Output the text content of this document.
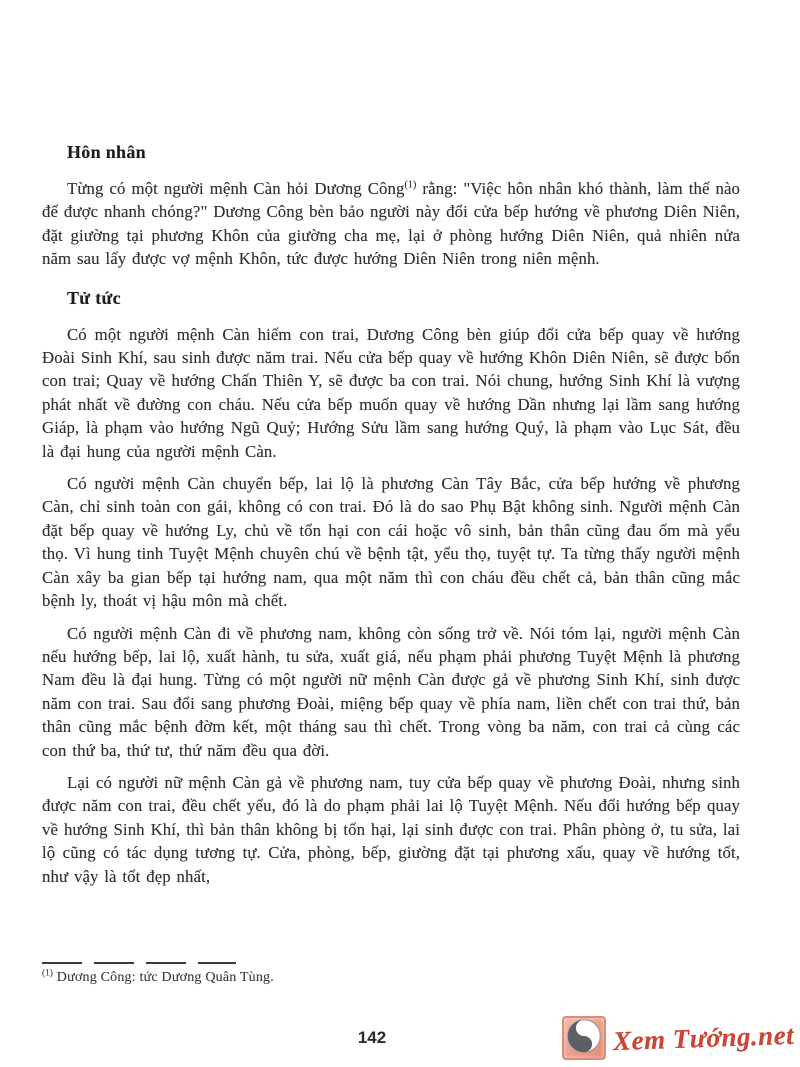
Hôn nhân

Từng có một người mệnh Càn hỏi Dương Công$^{(1)}$ rằng: "Việc hôn nhân khó thành, làm thế nào để được nhanh chóng?" Dương Công bèn bảo người này đổi cửa bếp hướng về phương Diên Niên, đặt giường tại phương Khôn của giường cha mẹ, lại ở phòng hướng Diên Niên, quả nhiên nửa năm sau lấy được vợ mệnh Khôn, tức được hướng Diên Niên trong niên mệnh.

Tử tức

Có một người mệnh Càn hiếm con trai, Dương Công bèn giúp đổi cửa bếp quay về hướng Đoài Sinh Khí, sau sinh được năm trai. Nếu cửa bếp quay về hướng Khôn Diên Niên, sẽ được bốn con trai; Quay về hướng Chấn Thiên Y, sẽ được ba con trai. Nói chung, hướng Sinh Khí là vượng phát nhất về đường con cháu. Nếu cửa bếp muốn quay về hướng Dần nhưng lại lầm sang hướng Giáp, là phạm vào hướng Ngũ Quỷ; Hướng Sửu lầm sang hướng Quý, là phạm vào Lục Sát, đều là đại hung của người mệnh Càn.

Có người mệnh Càn chuyển bếp, lai lộ là phương Càn Tây Bắc, cửa bếp hướng về phương Càn, chỉ sinh toàn con gái, không có con trai. Đó là do sao Phụ Bật không sinh. Người mệnh Càn đặt bếp quay về hướng Ly, chủ về tổn hại con cái hoặc vô sinh, bản thân cũng đau ốm mà yểu thọ. Vì hung tinh Tuyệt Mệnh chuyên chú về bệnh tật, yểu thọ, tuyệt tự. Ta từng thấy người mệnh Càn xây ba gian bếp tại hướng nam, qua một năm thì con cháu đều chết cả, bản thân cũng mắc bệnh ly, thoát vị hậu môn mà chết.

Có người mệnh Càn đi về phương nam, không còn sống trở về. Nói tóm lại, người mệnh Càn nếu hướng bếp, lai lộ, xuất hành, tu sửa, xuất giá, nếu phạm phải phương Tuyệt Mệnh là phương Nam đều là đại hung. Từng có một người nữ mệnh Càn được gả về phương Sinh Khí, sinh được năm con trai. Sau đổi sang phương Đoài, miệng bếp quay về phía nam, liền chết con trai thứ, bản thân cũng mắc bệnh đờm kết, một tháng sau thì chết. Trong vòng ba năm, con trai cả cùng các con thứ ba, thứ tư, thứ năm đều qua đời.

Lại có người nữ mệnh Càn gả về phương nam, tuy cửa bếp quay về phương Đoài, nhưng sinh được năm con trai, đều chết yểu, đó là do phạm phải lai lộ Tuyệt Mệnh. Nếu đổi hướng bếp quay về hướng Sinh Khí, thì bản thân không bị tổn hại, lại sinh được con trai. Phân phòng ở, tu sửa, lai lộ cũng có tác dụng tương tự. Cửa, phòng, bếp, giường đặt tại phương xấu, quay về hướng tốt, như vậy là tốt đẹp nhất,

$^{(1)}$ Dương Công: tức Dương Quân Tùng.
142	Xem Tướng.net
